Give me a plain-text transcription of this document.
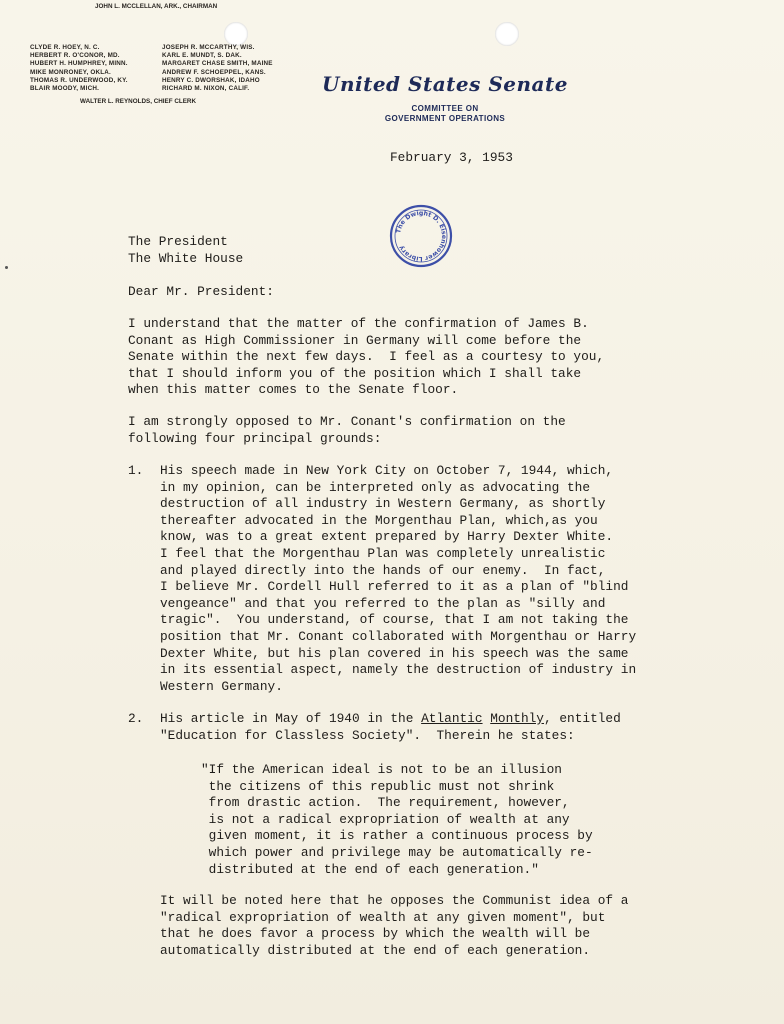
JOHN L. MCCLELLAN, ARK., CHAIRMAN
CLYDE R. HOEY, N. C.
HERBERT R. O'CONOR, MD.
HUBERT H. HUMPHREY, MINN.
MIKE MONRONEY, OKLA.
THOMAS R. UNDERWOOD, KY.
BLAIR MOODY, MICH.
JOSEPH R. MCCARTHY, WIS.
KARL E. MUNDT, S. DAK.
MARGARET CHASE SMITH, MAINE
ANDREW F. SCHOEPPEL, KANS.
HENRY C. DWORSHAK, IDAHO
RICHARD M. NIXON, CALIF.
WALTER L. REYNOLDS, CHIEF CLERK
United States Senate
COMMITTEE ON
GOVERNMENT OPERATIONS
February 3, 1953
The Dwight D. Eisenhower Library
The President
The White House
Dear Mr. President:
I understand that the matter of the confirmation of James B.
Conant as High Commissioner in Germany will come before the
Senate within the next few days.  I feel as a courtesy to you,
that I should inform you of the position which I shall take
when this matter comes to the Senate floor.
I am strongly opposed to Mr. Conant's confirmation on the
following four principal grounds:
1. His speech made in New York City on October 7, 1944, which,
in my opinion, can be interpreted only as advocating the
destruction of all industry in Western Germany, as shortly
thereafter advocated in the Morgenthau Plan, which,as you
know, was to a great extent prepared by Harry Dexter White.
I feel that the Morgenthau Plan was completely unrealistic
and played directly into the hands of our enemy.  In fact,
I believe Mr. Cordell Hull referred to it as a plan of "blind
vengeance" and that you referred to the plan as "silly and
tragic".  You understand, of course, that I am not taking the
position that Mr. Conant collaborated with Morgenthau or Harry
Dexter White, but his plan covered in his speech was the same
in its essential aspect, namely the destruction of industry in
Western Germany.
2. His article in May of 1940 in the Atlantic Monthly, entitled
"Education for Classless Society".  Therein he states:
"If the American ideal is not to be an illusion
the citizens of this republic must not shrink
from drastic action.  The requirement, however,
is not a radical expropriation of wealth at any
given moment, it is rather a continuous process by
which power and privilege may be automatically re-
distributed at the end of each generation."
It will be noted here that he opposes the Communist idea of a
"radical expropriation of wealth at any given moment", but
that he does favor a process by which the wealth will be
automatically distributed at the end of each generation.
